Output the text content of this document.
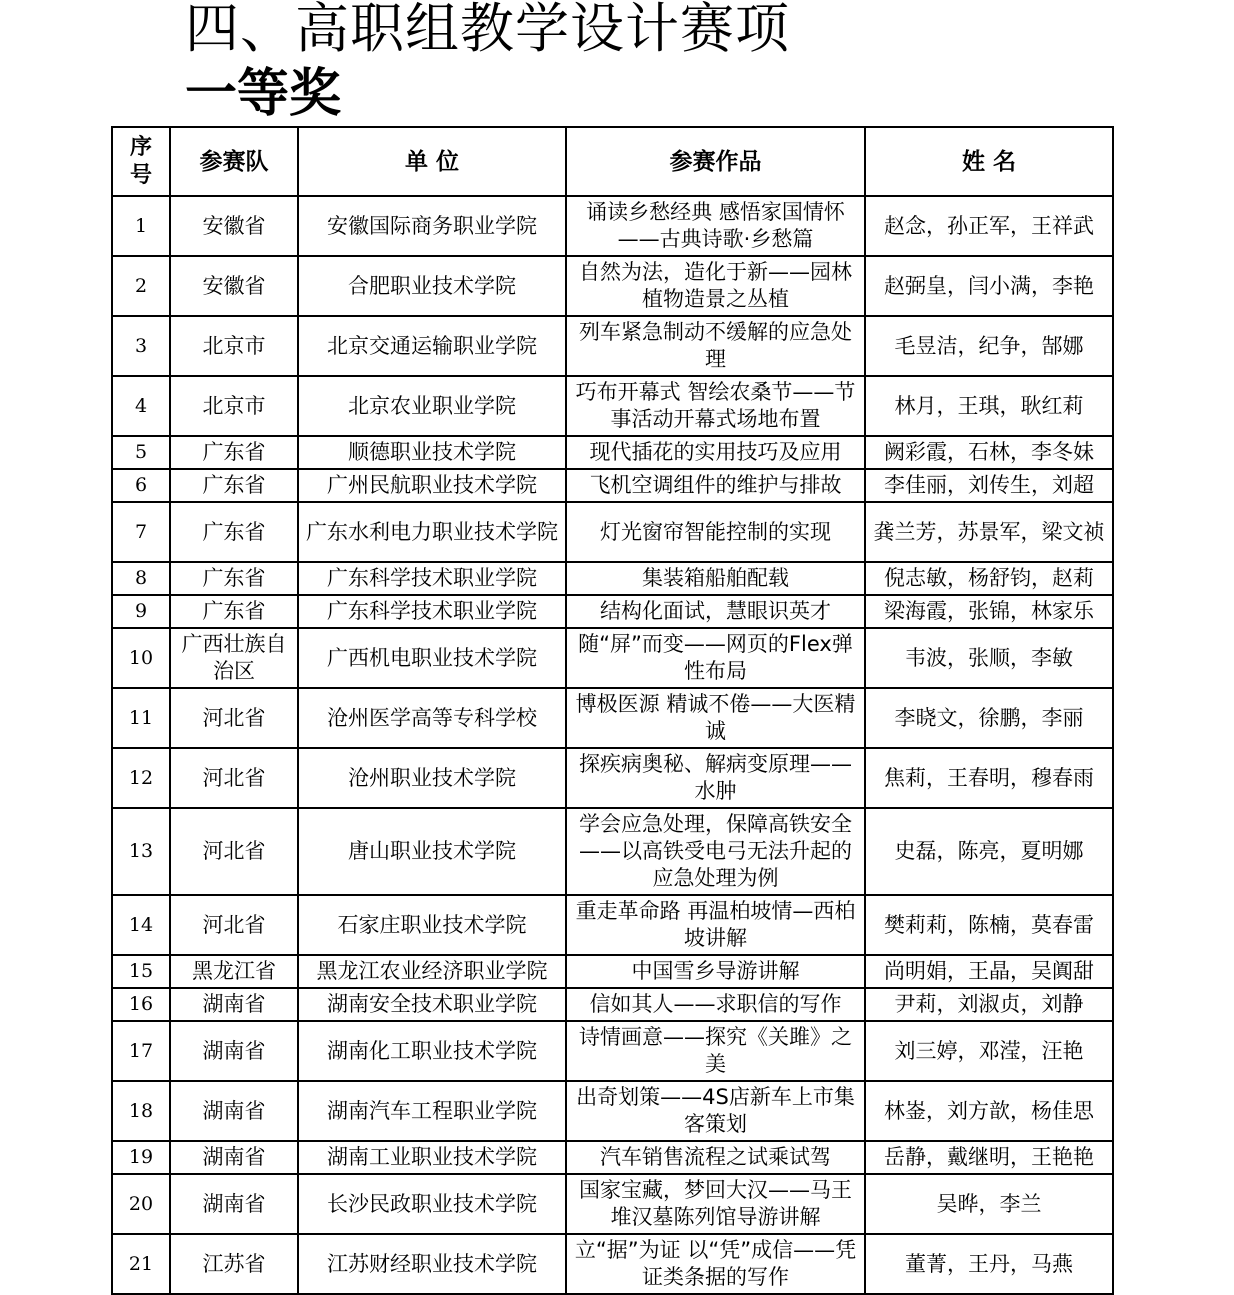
四、高职组教学设计赛项
一等奖
序号	参赛队	单 位	参赛作品	姓 名
1	安徽省	安徽国际商务职业学院	诵读乡愁经典 感悟家国情怀——古典诗歌·乡愁篇	赵念，孙正军，王祥武
2	安徽省	合肥职业技术学院	自然为法，造化于新——园林植物造景之丛植	赵弼皇，闫小满，李艳
3	北京市	北京交通运输职业学院	列车紧急制动不缓解的应急处理	毛昱洁，纪争，郜娜
4	北京市	北京农业职业学院	巧布开幕式 智绘农桑节——节事活动开幕式场地布置	林月，王琪，耿红莉
5	广东省	顺德职业技术学院	现代插花的实用技巧及应用	阙彩霞，石林，李冬妹
6	广东省	广州民航职业技术学院	飞机空调组件的维护与排故	李佳丽，刘传生，刘超
7	广东省	广东水利电力职业技术学院	灯光窗帘智能控制的实现	龚兰芳，苏景军，梁文祯
8	广东省	广东科学技术职业学院	集装箱船舶配载	倪志敏，杨舒钧，赵莉
9	广东省	广东科学技术职业学院	结构化面试，慧眼识英才	梁海霞，张锦，林家乐
10	广西壮族自治区	广西机电职业技术学院	随“屏”而变——网页的Flex弹性布局	韦波，张顺，李敏
11	河北省	沧州医学高等专科学校	博极医源 精诚不倦——大医精诚	李晓文，徐鹏，李丽
12	河北省	沧州职业技术学院	探疾病奥秘、解病变原理——水肿	焦莉，王春明，穆春雨
13	河北省	唐山职业技术学院	学会应急处理，保障高铁安全——以高铁受电弓无法升起的应急处理为例	史磊，陈亮，夏明娜
14	河北省	石家庄职业技术学院	重走革命路 再温柏坡情—西柏坡讲解	樊莉莉，陈楠，莫春雷
15	黑龙江省	黑龙江农业经济职业学院	中国雪乡导游讲解	尚明娟，王晶，吴阗甜
16	湖南省	湖南安全技术职业学院	信如其人——求职信的写作	尹莉，刘淑贞，刘静
17	湖南省	湖南化工职业技术学院	诗情画意——探究《关雎》之美	刘三婷，邓滢，汪艳
18	湖南省	湖南汽车工程职业学院	出奇划策——4S店新车上市集客策划	林崟，刘方歆，杨佳思
19	湖南省	湖南工业职业技术学院	汽车销售流程之试乘试驾	岳静，戴继明，王艳艳
20	湖南省	长沙民政职业技术学院	国家宝藏，梦回大汉——马王堆汉墓陈列馆导游讲解	吴晔，李兰
21	江苏省	江苏财经职业技术学院	立“据”为证 以“凭”成信——凭证类条据的写作	董菁，王丹，马燕
